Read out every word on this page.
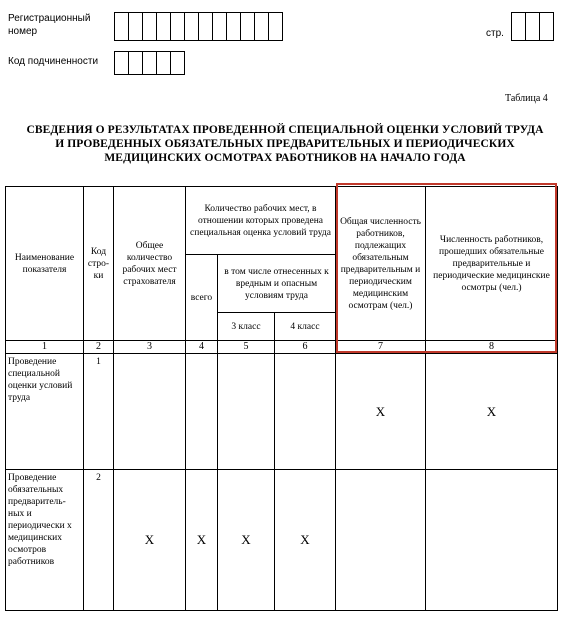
Регистрационный
номер	стр.
Код подчиненности
Таблица 4
СВЕДЕНИЯ О РЕЗУЛЬТАТАХ ПРОВЕДЕННОЙ СПЕЦИАЛЬНОЙ ОЦЕНКИ УСЛОВИЙ ТРУДА
И ПРОВЕДЕННЫХ ОБЯЗАТЕЛЬНЫХ ПРЕДВАРИТЕЛЬНЫХ И ПЕРИОДИЧЕСКИХ
МЕДИЦИНСКИХ ОСМОТРАХ РАБОТНИКОВ НА НАЧАЛО ГОДА
Наименование показателя	Код стро-ки	Общее количество рабочих мест страхователя	Количество рабочих мест, в отношении которых проведена специальная оценка условий труда			Общая численность работников, подлежащих обязательным предварительным и периодическим медицинским осмотрам (чел.)	Численность работников, прошедших обязательные предварительные и периодические медицинские осмотры (чел.)
			всего	в том числе отнесенных к вредным и опасным условиям труда			
				3 класс	4 класс		
1	2	3	4	5	6	7	8
Проведение специальной оценки условий труда	1					X	X
Проведение обязательных предваритель-ных и периодически х медицинских осмотров работников	2	X	X	X	X		
